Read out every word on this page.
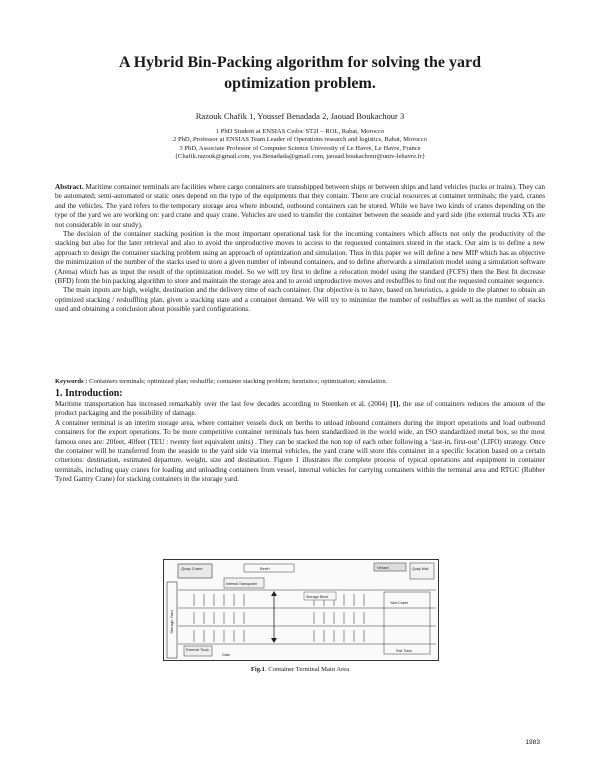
A Hybrid Bin-Packing algorithm for solving the yard
optimization problem.
Razouk Chafik 1, Youssef Benadada 2, Jaouad Boukachour 3
1 PhD Student at ENSIAS Cedoc ST2I – ROL, Rabat, Morocco
2 PhD, Professor at ENSIAS Team Leader of Operations research and logistics, Rabat, Morocco
3 PhD, Associate Professor of Computer Science University of Le Havre, Le Havre, France
{Chafik.razouk@gmail.com, yss.Benadada@gmail.com, jaouad.boukachour@univ-lehavre.fr}

Abstract. Maritime container terminals are facilities where cargo containers are transshipped between ships or between ships and land vehicles (tucks or trains). They can be automated; semi-automated or static ones depend on the type of the equipments that they contain. There are crucial resources at container terminals; the yard, cranes and the vehicles. The yard refers to the temporary storage area where inbound, outbound containers can be stored. While we have two kinds of cranes depending on the type of the yard we are working on: yard crane and quay crane. Vehicles are used to transfer the container between the seaside and yard side (the external trucks XTs are not considerable in our study).

The decision of the container stacking position is the most important operational task for the incoming containers which affects not only the productivity of the stacking but also for the later retrieval and also to avoid the unproductive moves to access to the requested containers stored in the stack. Our aim is to define a new approach to design the container stacking problem using an approach of optimization and simulation. Thus in this paper we will define a new MIP which has as objective the minimization of the number of the stacks used to store a given number of inbound containers, and to define afterwards a simulation model using a simulation software (Arena) which has as input the result of the optimization model. So we will try first to define a relocation model using the standard (FCFS) then the Best fit decrease (BFD) from the bin packing algorithm to store and maintain the storage area and to avoid unproductive moves and reshuffles to find out the requested container sequence.

The main inputs are high, weight, destination and the delivery time of each container. Our objective is to have, based on heuristics, a guide to the planner to obtain an optimized stacking / reshuffling plan, given a stacking state and a container demand. We will try to minimize the number of reshuffles as well as the number of stacks used and obtaining a conclusion about possible yard configurations.

Keywords : Containers terminals; optimized plan; reshuffle; container stacking problem; heuristics; optimization; simulation.
1. Introduction:

Maritime transportation has increased remarkably over the last few decades according to Steenken et al. (2004) [1], the use of containers reduces the amount of the product packaging and the possibility of damage.

A container terminal is an interim storage area, where container vessels dock on berths to unload inbound containers during the import operations and load outbound containers for the export operations. To be more competitive container terminals has been standardized in the world wide, an ISO standardized metal box, so the most famous ones are: 20feet, 40feet (TEU : twenty feet equivalent units) . They can be stacked the non top of each other following a ‘last-in, first-out’ (LIFO) strategy. Once the container will be transferred from the seaside to the yard side via internal vehicles, the yard crane will store this container in a specific location based on a certain criterions: destination, estimated departure, weight, size and destination. Figure 1 illustrates the complete process of typical operations and equipment in container terminals, including quay cranes for loading and unloading containers from vessel, internal vehicles for carrying containers within the terminal area and RTGC (Rubber Tyred Gantry Crane) for stacking containers in the storage yard.

Storage Yard
Quay Crane	Berth	Vessel	Quay Wall
Internal Transporter
Storage Block
Yard Crane
External Truck
Gate
Rail Track
Fig.1. Container Terminal Main Area
1983
